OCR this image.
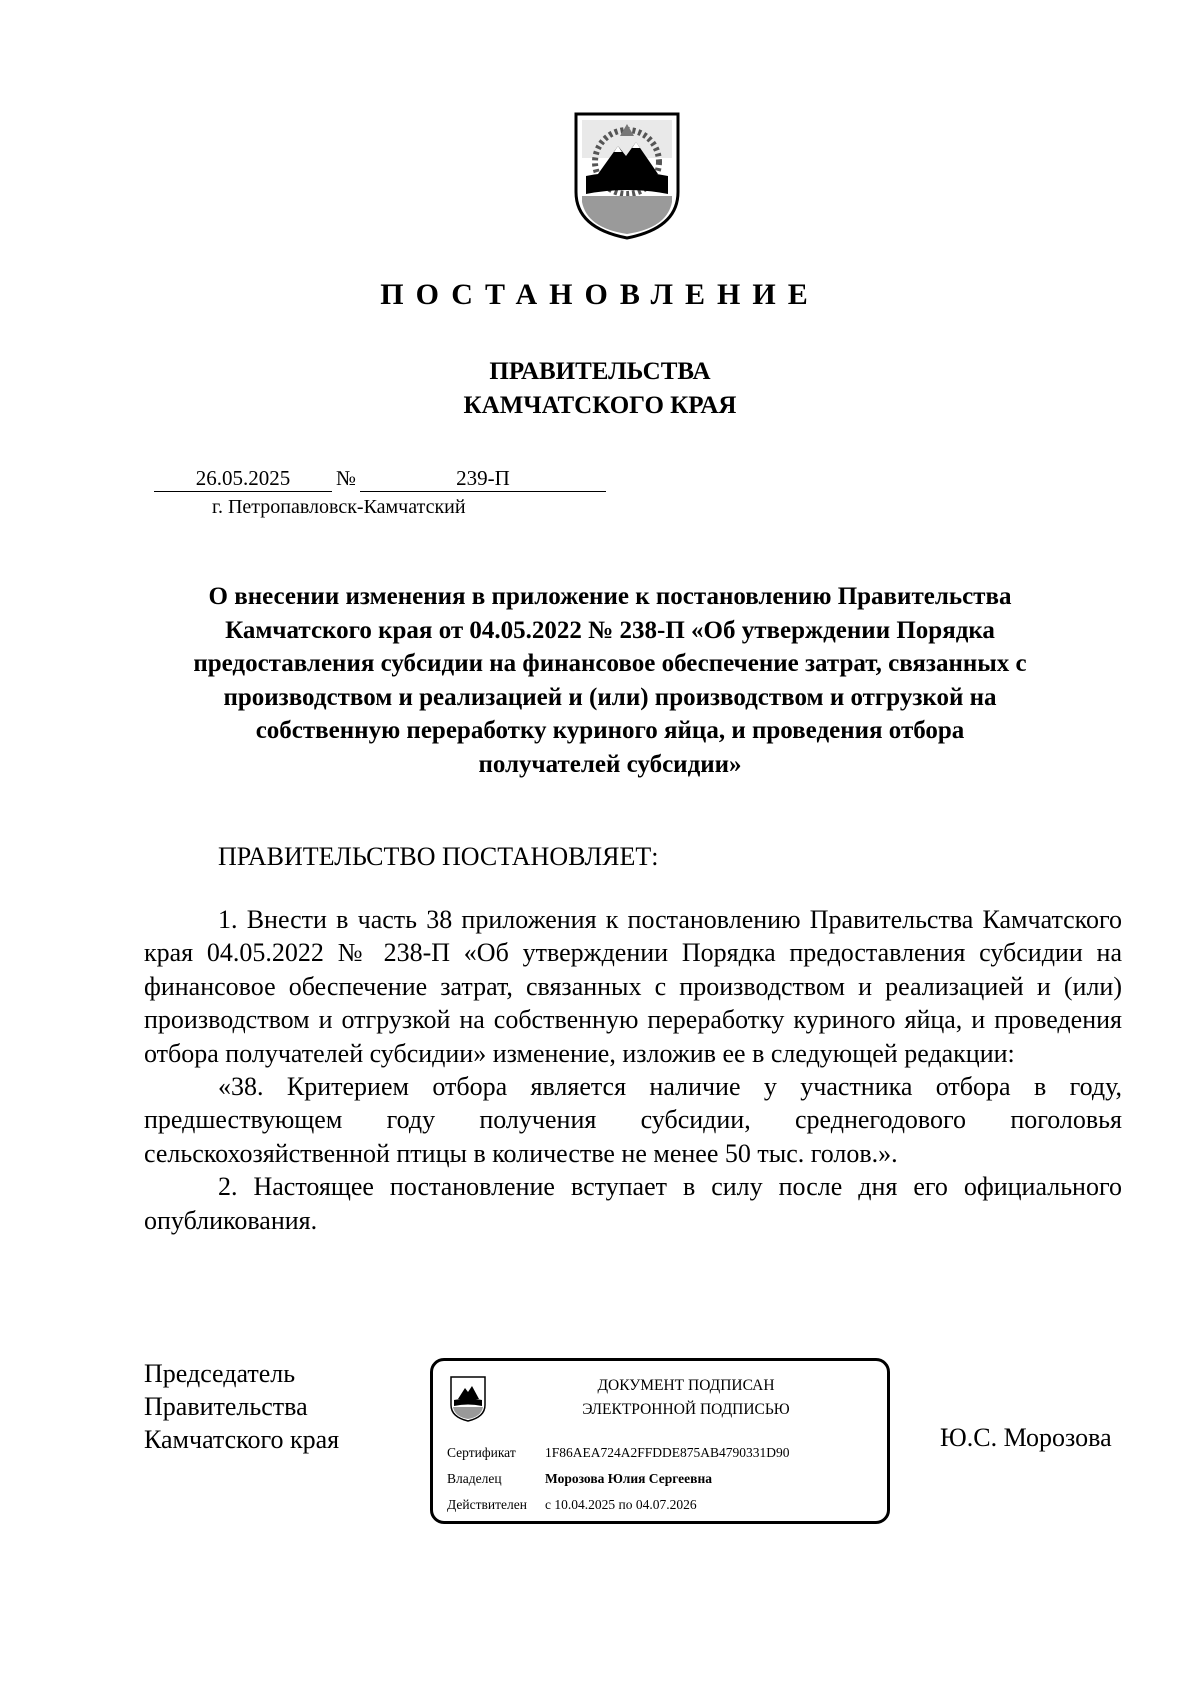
ПОСТАНОВЛЕНИЕ
ПРАВИТЕЛЬСТВА
КАМЧАТСКОГО КРАЯ
26.05.2025 №	239-П
г. Петропавловск-Камчатский
О внесении изменения в приложение к постановлению Правительства
Камчатского края от 04.05.2022 № 238-П «Об утверждении Порядка
предоставления субсидии на финансовое обеспечение затрат, связанных с
производством и реализацией и (или) производством и отгрузкой на
собственную переработку куриного яйца, и проведения отбора
получателей субсидии»
ПРАВИТЕЛЬСТВО ПОСТАНОВЛЯЕТ:

1. Внести в часть 38 приложения к постановлению Правительства Камчатского края 04.05.2022 № 238-П «Об утверждении Порядка предоставления субсидии на финансовое обеспечение затрат, связанных с производством и реализацией и (или) производством и отгрузкой на собственную переработку куриного яйца, и проведения отбора получателей субсидии» изменение, изложив ее в следующей редакции:

«38. Критерием отбора является наличие у участника отбора в году, предшествующем году получения субсидии, среднегодового поголовья сельскохозяйственной птицы в количестве не менее 50 тыс. голов.».

2. Настоящее постановление вступает в силу после дня его официального опубликования.

Председатель
Правительства
Камчатского края
ДОКУМЕНТ ПОДПИСАН
ЭЛЕКТРОННОЙ ПОДПИСЬЮ
Сертификат 1F86AEA724A2FFDDE875AB4790331D90
Владелец	Морозова Юлия Сергеевна
Действителен с 10.04.2025 по 04.07.2026
Ю.С. Морозова
